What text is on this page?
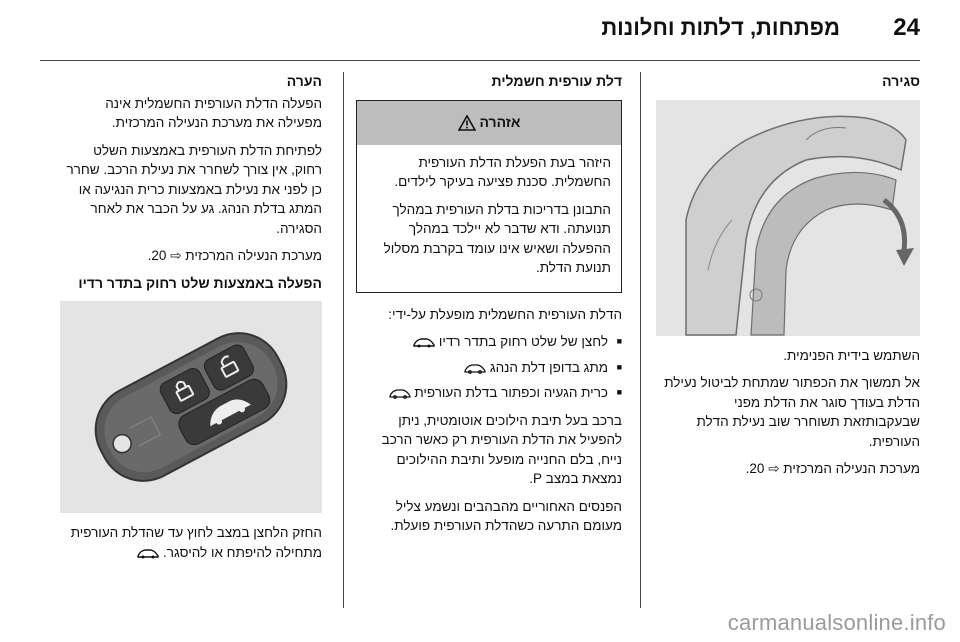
24
מפתחות, דלתות וחלונות
סגירה

השתמש בידית הפנימית.

אל תמשוך את הכפתור שמתחת לביטול נעילת הדלת בעודך סוגר את הדלת מפני שבעקבותזאת תשוחרר שוב נעילת הדלת העורפית.

מערכת הנעילה המרכזית ⇨ 20.

דלת עורפית חשמלית
אזהרה

היזהר בעת הפעלת הדלת העורפית החשמלית. סכנת פציעה בעיקר לילדים.

התבונן בדריכות בדלת העורפית במהלך תנועתה. ודא שדבר לא יילכד במהלך ההפעלה ושאיש אינו עומד בקרבת מסלול תנועת הדלת.

הדלת העורפית החשמלית מופעלת על-ידי:

■ לחצן של שלט רחוק בתדר רדיו
■ מתג בדופן דלת הנהג
■ כרית הגעיה וכפתור בדלת העורפית

ברכב בעל תיבת הילוכים אוטומטית, ניתן להפעיל את הדלת העורפית רק כאשר הרכב נייח, בלם החנייה מופעל ותיבת ההילוכים נמצאת במצב P.

הפנסים האחוריים מהבהבים ונשמע צליל מעומם התרעה כשהדלת העורפית פועלת.

הערה

הפעלה הדלת העורפית החשמלית אינה מפעילה את מערכת הנעילה המרכזית.

לפתיחת הדלת העורפית באמצעות השלט רחוק, אין צורך לשחרר את נעילת הרכב. שחרר כן לפני את נעילת באמצעות כרית הנגיעה או המתג בדלת הנהג. גע על הכבר את לאחר הסגירה.

מערכת הנעילה המרכזית ⇨ 20.

הפעלה באמצעות שלט רחוק בתדר רדיו

החזק הלחצן במצב לחוץ עד שהדלת העורפית מתחילה להיפתח או להיסגר.

carmanualsonline.info
